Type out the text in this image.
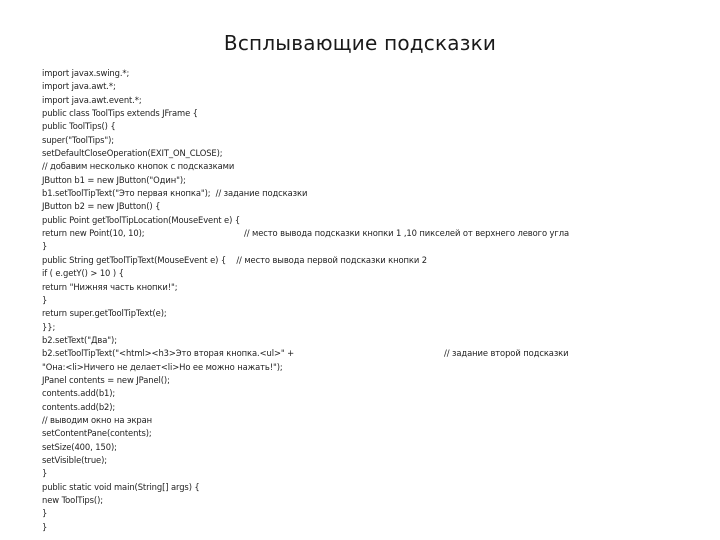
Всплывающие подсказки
import javax.swing.*;
import java.awt.*;
import java.awt.event.*;
public class ToolTips extends JFrame {
public ToolTips() {
super("ToolTips");
setDefaultCloseOperation(EXIT_ON_CLOSE);
// добавим несколько кнопок с подсказками
JButton b1 = new JButton("Один");
b1.setToolTipText("Это первая кнопка");  // задание подсказки
JButton b2 = new JButton() {
public Point getToolTipLocation(MouseEvent e) {
return new Point(10, 10);	// место вывода подсказки кнопки 1 ,10 пикселей от верхнего левого угла
}
public String getToolTipText(MouseEvent e) {    // место вывода первой подсказки кнопки 2
if ( e.getY() > 10 ) {
return "Нижняя часть кнопки!";
}
return super.getToolTipText(e);
}};
b2.setText("Два");
b2.setToolTipText("<html><h3>Это вторая кнопка.<ul>" +	// задание второй подсказки
"Она:<li>Ничего не делает<li>Но ее можно нажать!");
JPanel contents = new JPanel();
contents.add(b1);
contents.add(b2);
// выводим окно на экран
setContentPane(contents);
setSize(400, 150);
setVisible(true);
}
public static void main(String[] args) {
new ToolTips();
}
}
